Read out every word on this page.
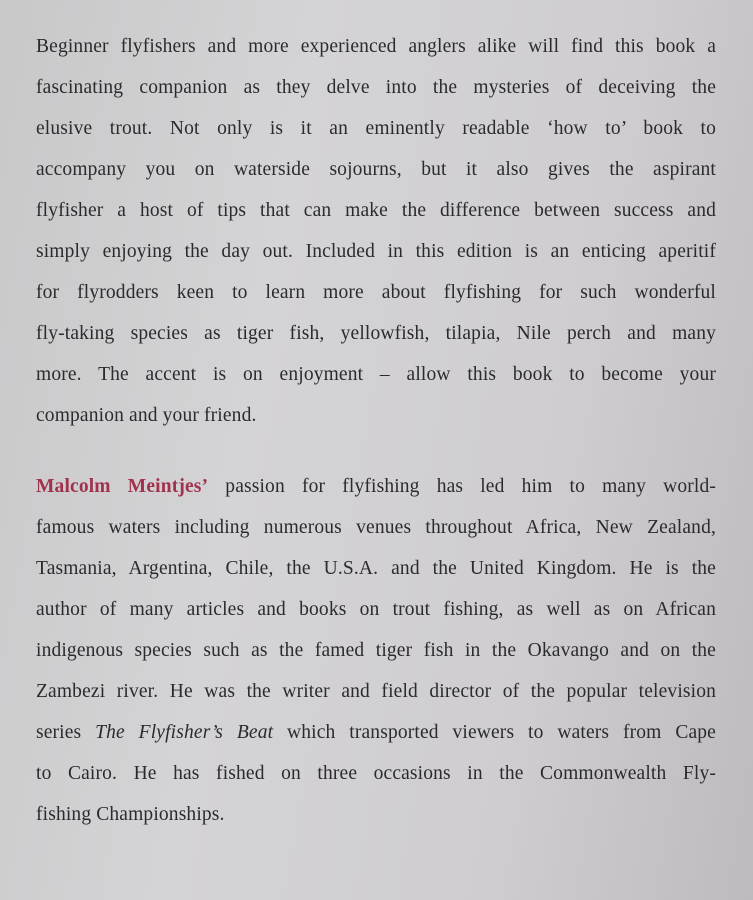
Beginner flyfishers and more experienced anglers alike will find this book a
fascinating companion as they delve into the mysteries of deceiving the
elusive trout. Not only is it an eminently readable ‘how to’ book to
accompany you on waterside sojourns, but it also gives the aspirant
flyfisher a host of tips that can make the difference between success and
simply enjoying the day out. Included in this edition is an enticing aperitif
for flyrodders keen to learn more about flyfishing for such wonderful
fly-taking species as tiger fish, yellowfish, tilapia, Nile perch and many
more. The accent is on enjoyment – allow this book to become your
companion and your friend.
Malcolm Meintjes’ passion for flyfishing has led him to many world-
famous waters including numerous venues throughout Africa, New Zealand,
Tasmania, Argentina, Chile, the U.S.A. and the United Kingdom. He is the
author of many articles and books on trout fishing, as well as on African
indigenous species such as the famed tiger fish in the Okavango and on the
Zambezi river. He was the writer and field director of the popular television
series The Flyfisher’s Beat which transported viewers to waters from Cape
to Cairo. He has fished on three occasions in the Commonwealth Fly-
fishing Championships.
